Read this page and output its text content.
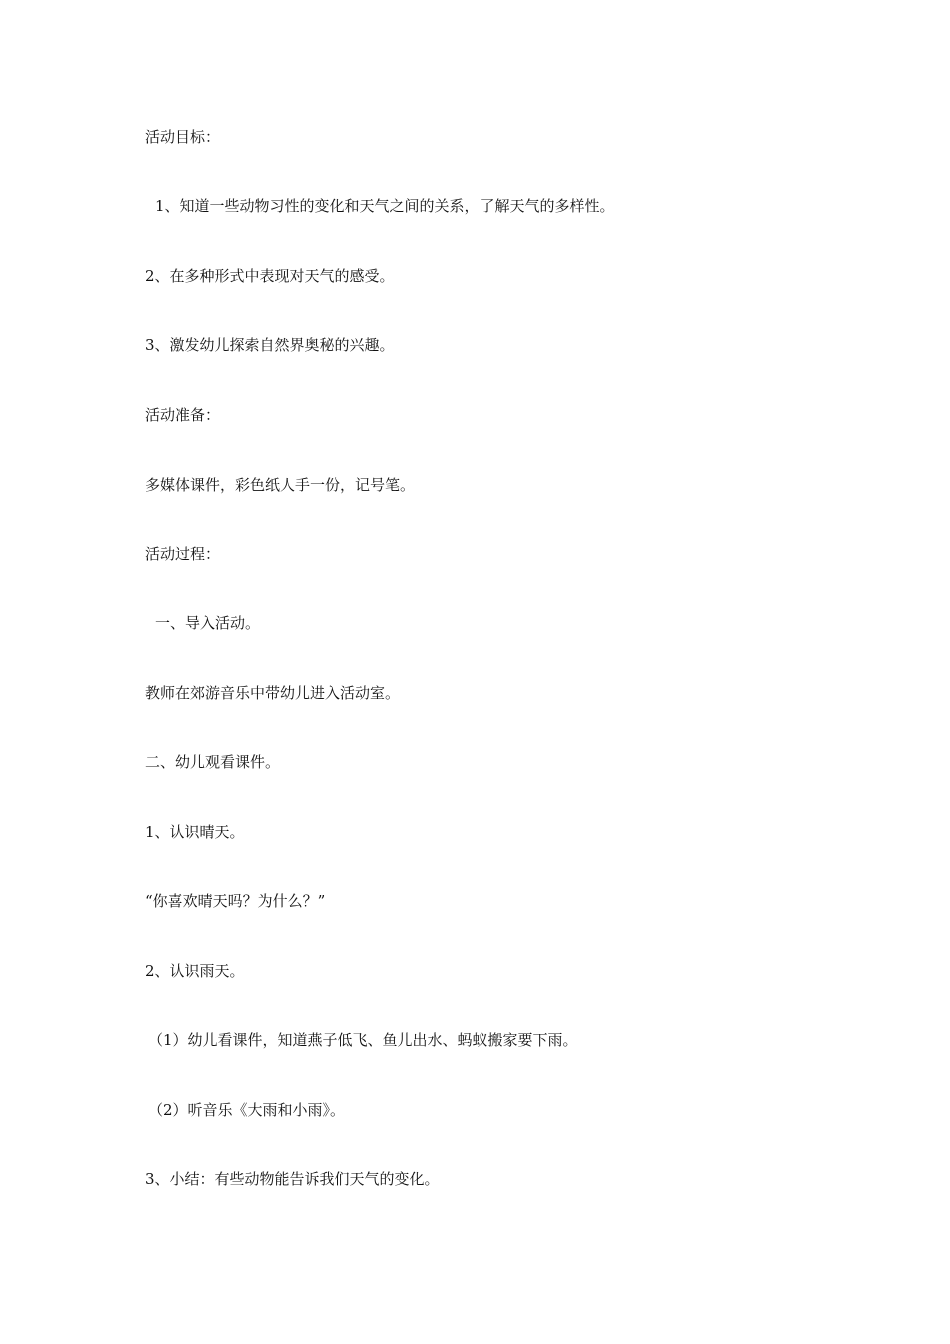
活动目标：
1、知道一些动物习性的变化和天气之间的关系，了解天气的多样性。
2、在多种形式中表现对天气的感受。
3、激发幼儿探索自然界奥秘的兴趣。
活动准备：
多媒体课件，彩色纸人手一份，记号笔。
活动过程：
一、导入活动。
教师在郊游音乐中带幼儿进入活动室。
二、幼儿观看课件。
1、认识晴天。
“你喜欢晴天吗？为什么？”
2、认识雨天。
（1）幼儿看课件，知道燕子低飞、鱼儿出水、蚂蚁搬家要下雨。
（2）听音乐《大雨和小雨》。
3、小结：有些动物能告诉我们天气的变化。
